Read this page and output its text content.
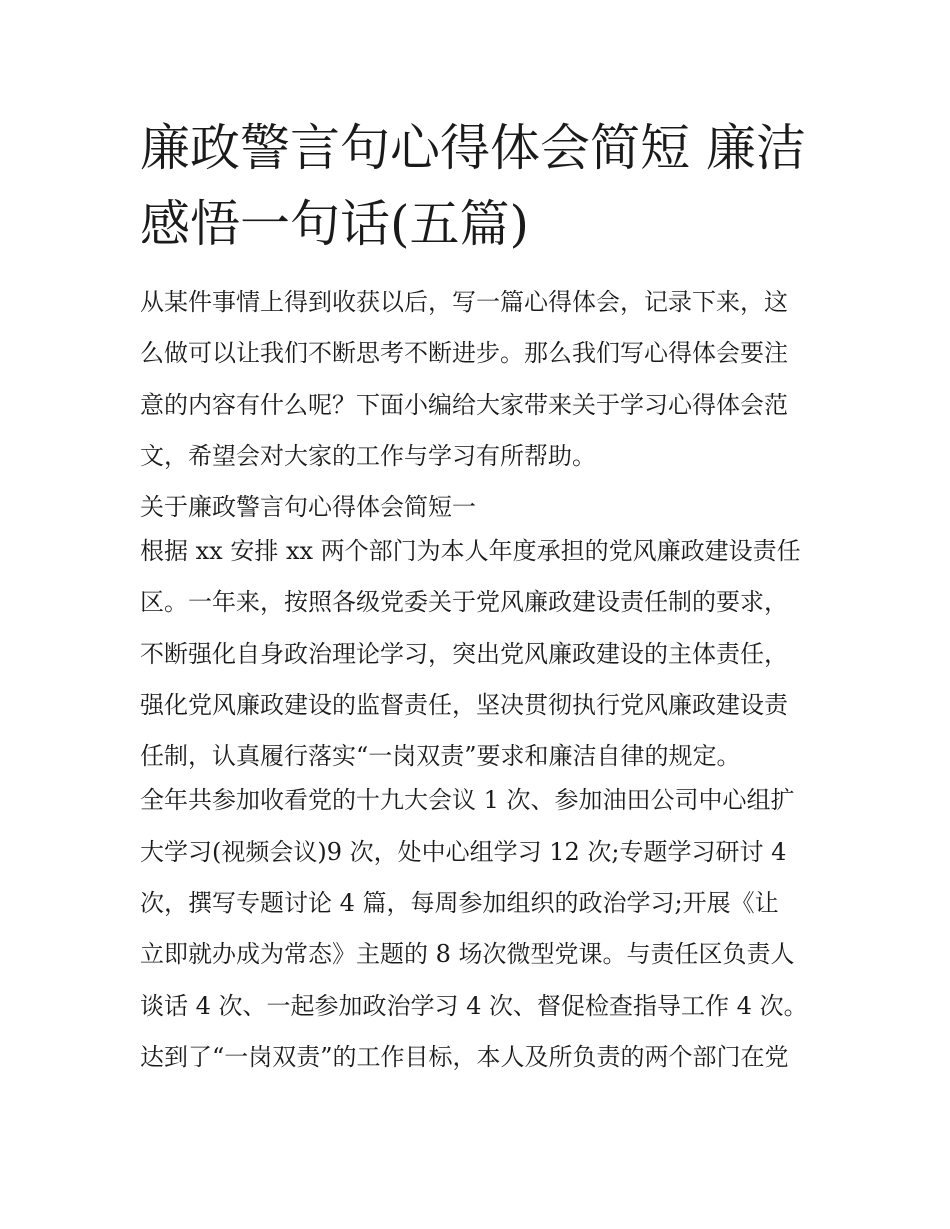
廉政警言句心得体会简短 廉洁
感悟一句话(五篇)
从某件事情上得到收获以后，写一篇心得体会，记录下来，这
么做可以让我们不断思考不断进步。那么我们写心得体会要注
意的内容有什么呢？下面小编给大家带来关于学习心得体会范
文，希望会对大家的工作与学习有所帮助。
关于廉政警言句心得体会简短一
根据 xx 安排 xx 两个部门为本人年度承担的党风廉政建设责任
区。一年来，按照各级党委关于党风廉政建设责任制的要求，
不断强化自身政治理论学习，突出党风廉政建设的主体责任，
强化党风廉政建设的监督责任，坚决贯彻执行党风廉政建设责
任制，认真履行落实“一岗双责”要求和廉洁自律的规定。
全年共参加收看党的十九大会议 1 次、参加油田公司中心组扩
大学习(视频会议)9 次，处中心组学习 12 次;专题学习研讨 4
次，撰写专题讨论 4 篇，每周参加组织的政治学习;开展《让
立即就办成为常态》主题的 8 场次微型党课。与责任区负责人
谈话 4 次、一起参加政治学习 4 次、督促检查指导工作 4 次。
达到了“一岗双责”的工作目标，本人及所负责的两个部门在党
